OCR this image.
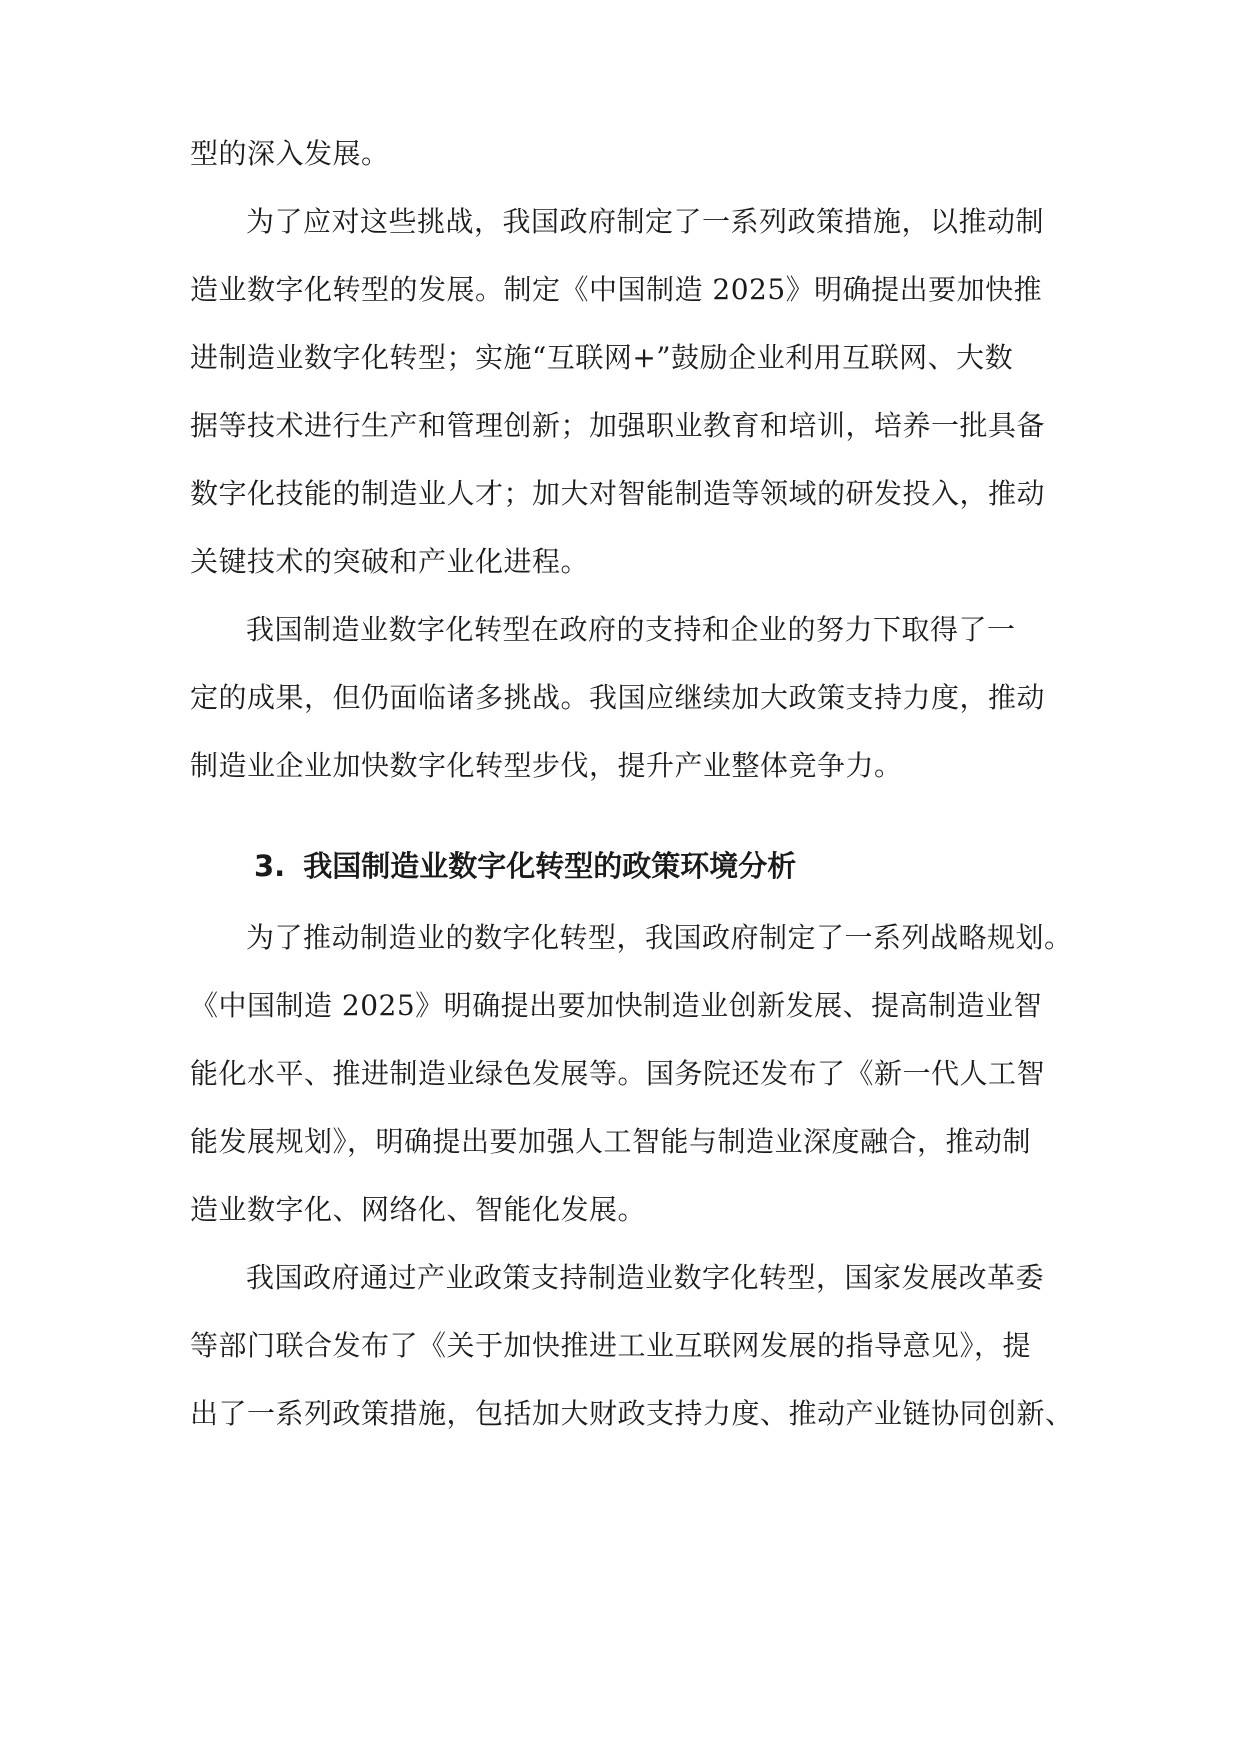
型的深入发展。
为了应对这些挑战，我国政府制定了一系列政策措施，以推动制
造业数字化转型的发展。制定《中国制造 2025》明确提出要加快推
进制造业数字化转型；实施“互联网+”鼓励企业利用互联网、大数
据等技术进行生产和管理创新；加强职业教育和培训，培养一批具备
数字化技能的制造业人才；加大对智能制造等领域的研发投入，推动
关键技术的突破和产业化进程。
我国制造业数字化转型在政府的支持和企业的努力下取得了一
定的成果，但仍面临诸多挑战。我国应继续加大政策支持力度，推动
制造业企业加快数字化转型步伐，提升产业整体竞争力。
3. 我国制造业数字化转型的政策环境分析
为了推动制造业的数字化转型，我国政府制定了一系列战略规划。
《中国制造 2025》明确提出要加快制造业创新发展、提高制造业智
能化水平、推进制造业绿色发展等。国务院还发布了《新一代人工智
能发展规划》，明确提出要加强人工智能与制造业深度融合，推动制
造业数字化、网络化、智能化发展。
我国政府通过产业政策支持制造业数字化转型，国家发展改革委
等部门联合发布了《关于加快推进工业互联网发展的指导意见》，提
出了一系列政策措施，包括加大财政支持力度、推动产业链协同创新、
